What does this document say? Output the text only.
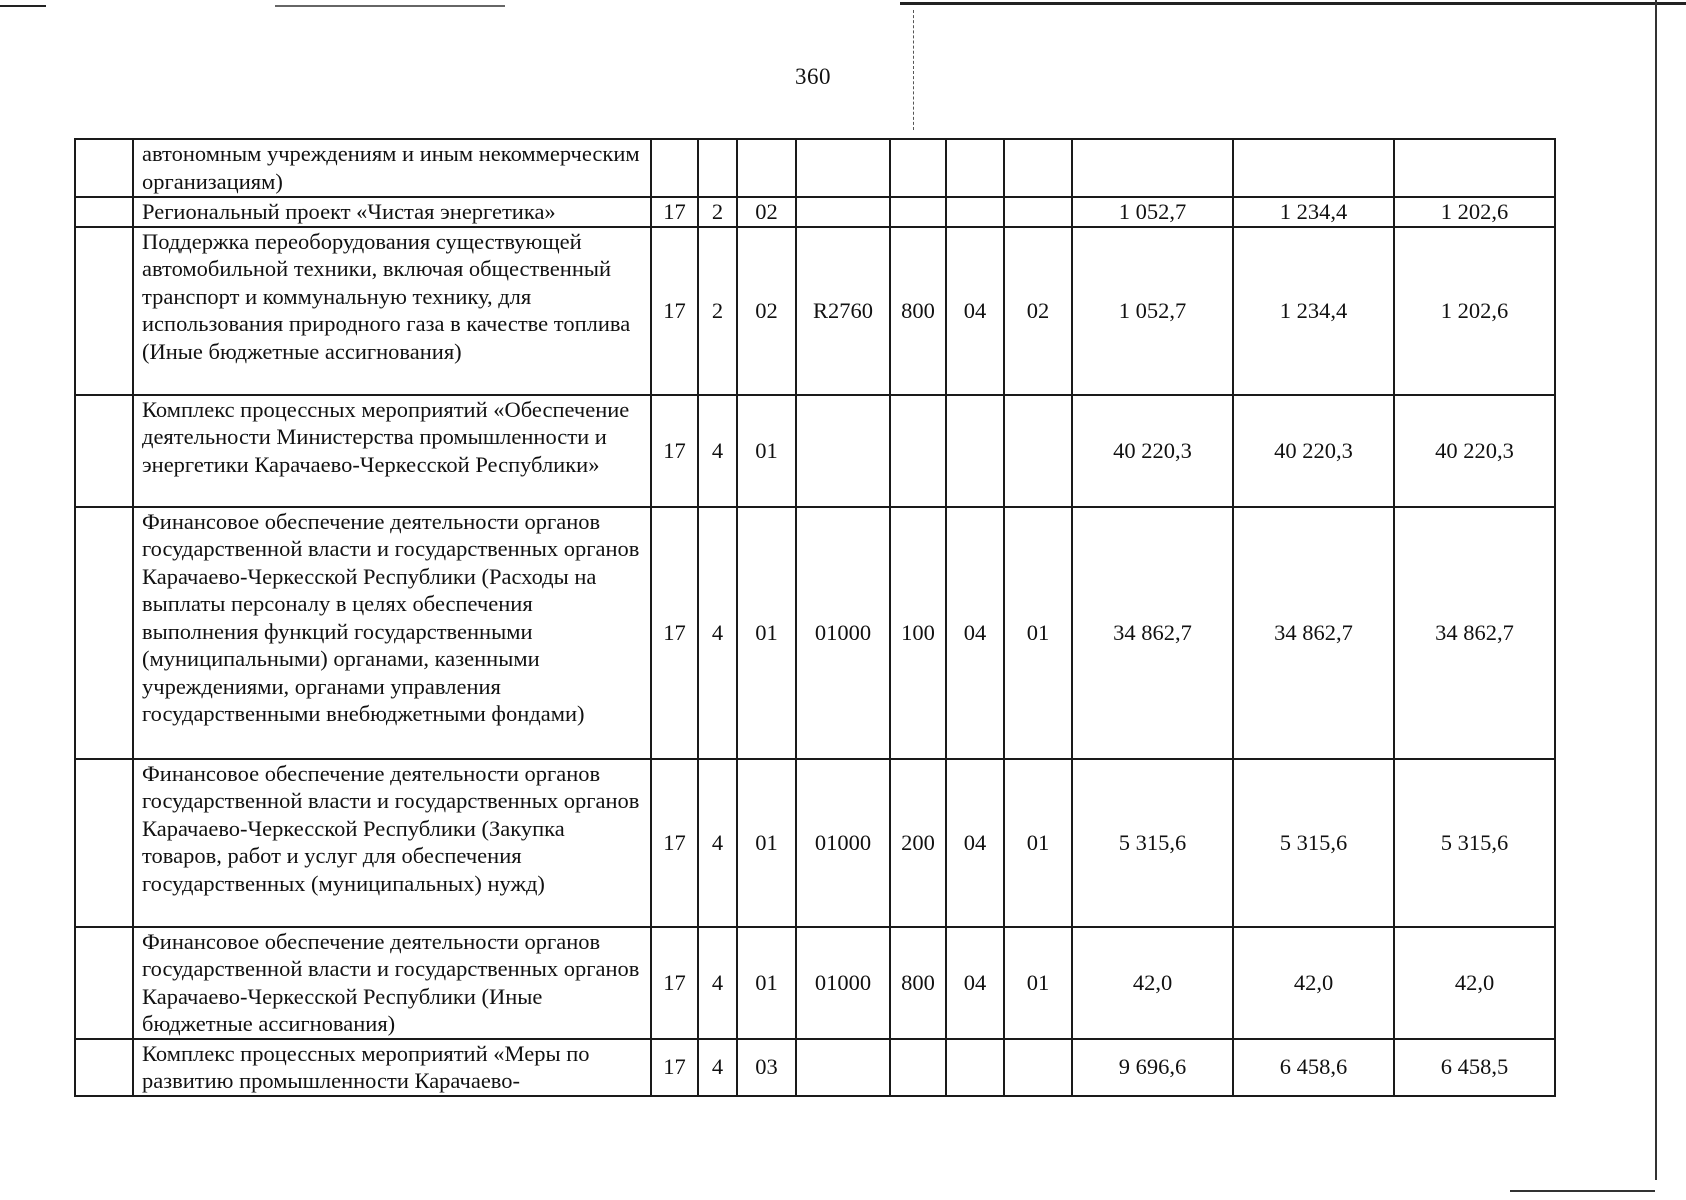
360
	автономным учреждениям и иным некоммерческим организациям)										
	Региональный проект «Чистая энергетика»	17	2	02					1 052,7	1 234,4	1 202,6
	Поддержка переоборудования существующей автомобильной техники, включая общественный транспорт и коммунальную технику, для использования природного газа в качестве топлива (Иные бюджетные ассигнования)	17	2	02	R2760	800	04	02	1 052,7	1 234,4	1 202,6
	Комплекс процессных мероприятий «Обеспечение деятельности Министерства промышленности и энергетики Карачаево-Черкесской Республики»	17	4	01					40 220,3	40 220,3	40 220,3
	Финансовое обеспечение деятельности органов государственной власти и государственных органов Карачаево-Черкесской Республики (Расходы на выплаты персоналу в целях обеспечения выполнения функций государственными (муниципальными) органами, казенными учреждениями, органами управления государственными внебюджетными фондами)	17	4	01	01000	100	04	01	34 862,7	34 862,7	34 862,7
	Финансовое обеспечение деятельности органов государственной власти и государственных органов Карачаево-Черкесской Республики (Закупка товаров, работ и услуг для обеспечения государственных (муниципальных) нужд)	17	4	01	01000	200	04	01	5 315,6	5 315,6	5 315,6
	Финансовое обеспечение деятельности органов государственной власти и государственных органов Карачаево-Черкесской Республики (Иные бюджетные ассигнования)	17	4	01	01000	800	04	01	42,0	42,0	42,0
	Комплекс процессных мероприятий «Меры по развитию промышленности Карачаево-	17	4	03					9 696,6	6 458,6	6 458,5
